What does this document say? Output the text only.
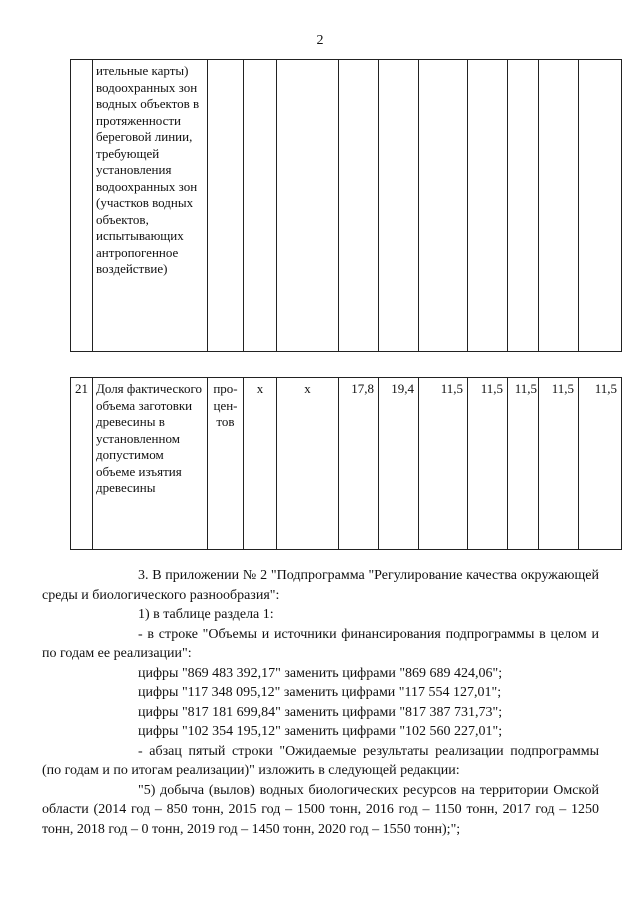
2
	ительные карты) водоохранных зон водных объектов в протяженности береговой линии, требующей установления водоохранных зон (участков водных объектов, испытывающих антропогенное воздействие)										
21	Доля фактического объема заготовки древесины в установленном допустимом объеме изъятия древесины	про-
цен-
тов	x	x	17,8	19,4	11,5	11,5	11,5	11,5	11,5

3. В приложении № 2 "Подпрограмма "Регулирование качества окружающей среды и биологического разнообразия":

1) в таблице раздела 1:

- в строке "Объемы и источники финансирования подпрограммы в целом и по годам ее реализации":

цифры "869 483 392,17" заменить цифрами "869 689 424,06";

цифры "117 348 095,12" заменить цифрами "117 554 127,01";

цифры "817 181 699,84" заменить цифрами "817 387 731,73";

цифры "102 354 195,12" заменить цифрами "102 560 227,01";

- абзац пятый строки "Ожидаемые результаты реализации подпрограммы (по годам и по итогам реализации)" изложить в следующей редакции:

"5) добыча (вылов) водных биологических ресурсов на территории Омской области (2014 год – 850 тонн, 2015 год – 1500 тонн, 2016 год – 1150 тонн, 2017 год – 1250 тонн, 2018 год – 0 тонн, 2019 год – 1450 тонн, 2020 год – 1550 тонн);";
